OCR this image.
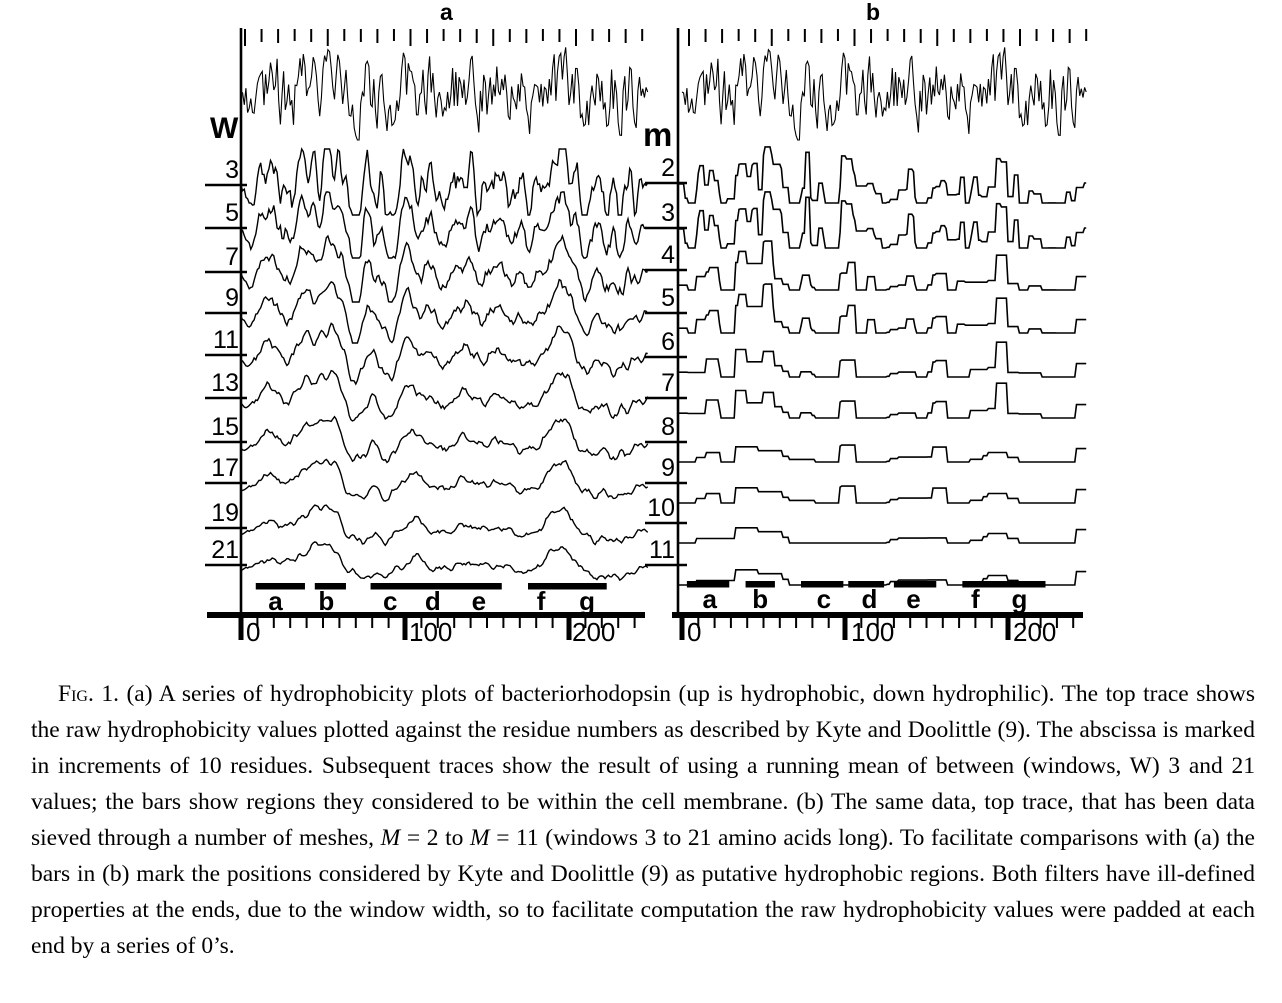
a	b
W	m
0	100	200
3
5
7
9
11
13
15
17
19
21
a b c d e f g
0	100	200
2
3
4
5
6
7
8
9
10
11
a b c d e f g

Fig. 1. (a) A series of hydrophobicity plots of bacteriorhodopsin (up is hydrophobic, down hydrophilic). The top trace shows the raw hydrophobicity values plotted against the residue numbers as described by Kyte and Doolittle (9). The abscissa is marked in increments of 10 residues. Subsequent traces show the result of using a running mean of between (windows, W) 3 and 21 values; the bars show regions they considered to be within the cell membrane. (b) The same data, top trace, that has been data sieved through a number of meshes, M = 2 to M = 11 (windows 3 to 21 amino acids long). To facilitate comparisons with (a) the bars in (b) mark the positions considered by Kyte and Doolittle (9) as putative hydrophobic regions. Both filters have ill-defined properties at the ends, due to the window width, so to facilitate computation the raw hydrophobicity values were padded at each end by a series of 0’s.
